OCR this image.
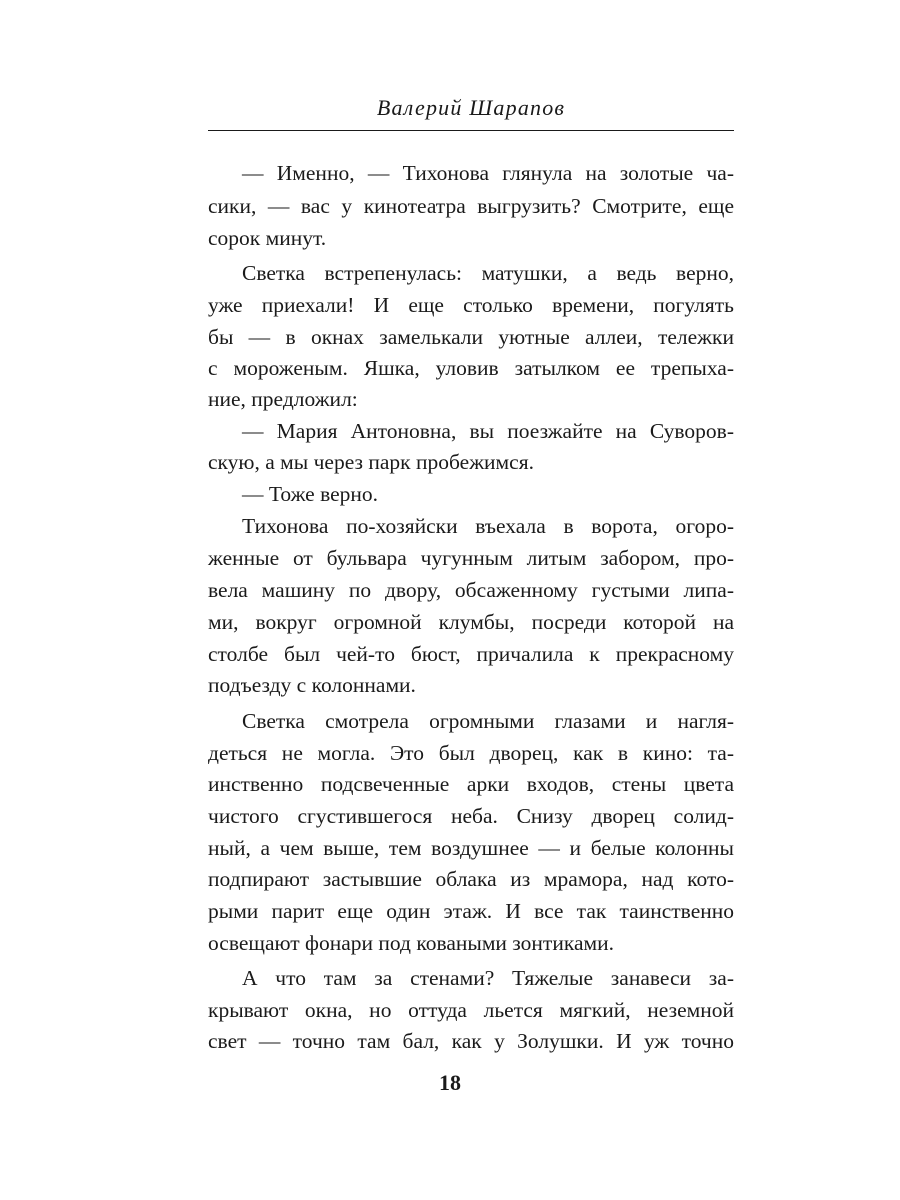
Валерий Шарапов
— Именно, — Тихонова глянула на золотые ча-
сики, — вас у кинотеатра выгрузить? Смотрите, еще
сорок минут.
Светка встрепенулась: матушки, а ведь верно,
уже приехали! И еще столько времени, погулять
бы — в окнах замелькали уютные аллеи, тележки
с мороженым. Яшка, уловив затылком ее трепыха-
ние, предложил:
— Мария Антоновна, вы поезжайте на Суворов-
скую, а мы через парк пробежимся.
— Тоже верно.
Тихонова по-хозяйски въехала в ворота, огоро-
женные от бульвара чугунным литым забором, про-
вела машину по двору, обсаженному густыми липа-
ми, вокруг огромной клумбы, посреди которой на
столбе был чей-то бюст, причалила к прекрасному
подъезду с колоннами.
Светка смотрела огромными глазами и нагля-
деться не могла. Это был дворец, как в кино: та-
инственно подсвеченные арки входов, стены цвета
чистого сгустившегося неба. Снизу дворец солид-
ный, а чем выше, тем воздушнее — и белые колонны
подпирают застывшие облака из мрамора, над кото-
рыми парит еще один этаж. И все так таинственно
освещают фонари под коваными зонтиками.
А что там за стенами? Тяжелые занавеси за-
крывают окна, но оттуда льется мягкий, неземной
свет — точно там бал, как у Золушки. И уж точно
18
